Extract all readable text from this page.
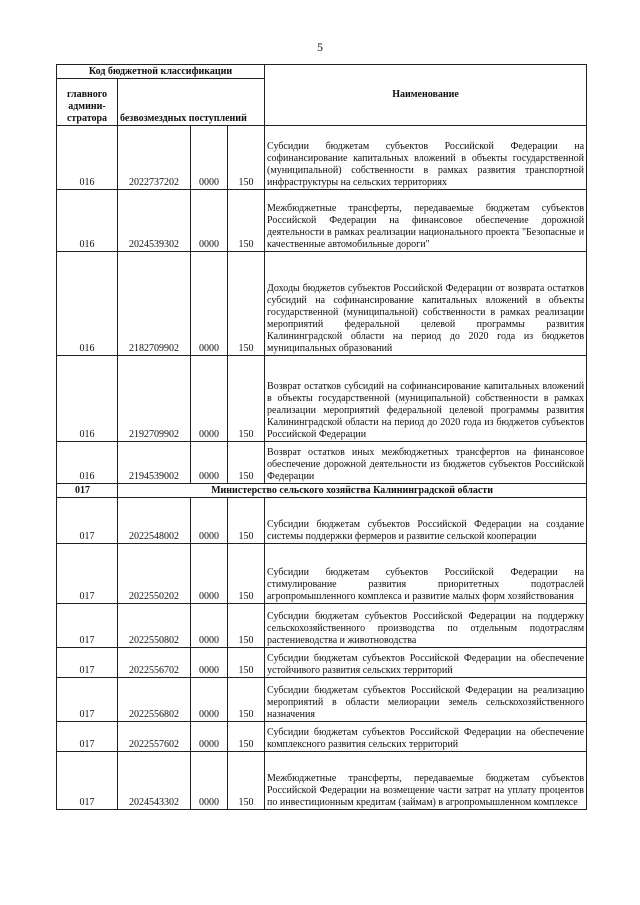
5
Код бюджетной классификации				Наименование
главного админи-стратора	безвозмездных поступлений			
016	2022737202	0000	150	Субсидии бюджетам субъектов Российской Федерации на софинансирование капитальных вложений в объекты государственной (муниципальной) собственности в рамках развития транспортной инфраструктуры на сельских территориях
016	2024539302	0000	150	Межбюджетные трансферты, передаваемые бюджетам субъектов Российской Федерации на финансовое обеспечение дорожной деятельности в рамках реализации национального проекта "Безопасные и качественные автомобильные дороги"
016	2182709902	0000	150	Доходы бюджетов субъектов Российской Федерации от возврата остатков субсидий на софинансирование капитальных вложений в объекты государственной (муниципальной) собственности в рамках реализации мероприятий федеральной целевой программы развития Калининградской области на период до 2020 года из бюджетов муниципальных образований
016	2192709902	0000	150	Возврат остатков субсидий на софинансирование капитальных вложений в объекты государственной (муниципальной) собственности в рамках реализации мероприятий федеральной целевой программы развития Калининградской области на период до 2020 года из бюджетов субъектов Российской Федерации
016	2194539002	0000	150	Возврат остатков иных межбюджетных трансфертов на финансовое обеспечение дорожной деятельности из бюджетов субъектов Российской Федерации
017	Министерство сельского хозяйства Калининградской области			
017	2022548002	0000	150	Субсидии бюджетам субъектов Российской Федерации на создание системы поддержки фермеров и развитие сельской кооперации
017	2022550202	0000	150	Субсидии бюджетам субъектов Российской Федерации на стимулирование развития приоритетных подотраслей агропромышленного комплекса и развитие малых форм хозяйствования
017	2022550802	0000	150	Субсидии бюджетам субъектов Российской Федерации на поддержку сельскохозяйственного производства по отдельным подотраслям растениеводства и животноводства
017	2022556702	0000	150	Субсидии бюджетам субъектов Российской Федерации на обеспечение устойчивого развития сельских территорий
017	2022556802	0000	150	Субсидии бюджетам субъектов Российской Федерации на реализацию мероприятий в области мелиорации земель сельскохозяйственного назначения
017	2022557602	0000	150	Субсидии бюджетам субъектов Российской Федерации на обеспечение комплексного развития сельских территорий
017	2024543302	0000	150	Межбюджетные трансферты, передаваемые бюджетам субъектов Российской Федерации на возмещение части затрат на уплату процентов по инвестиционным кредитам (займам) в агропромышленном комплексе
